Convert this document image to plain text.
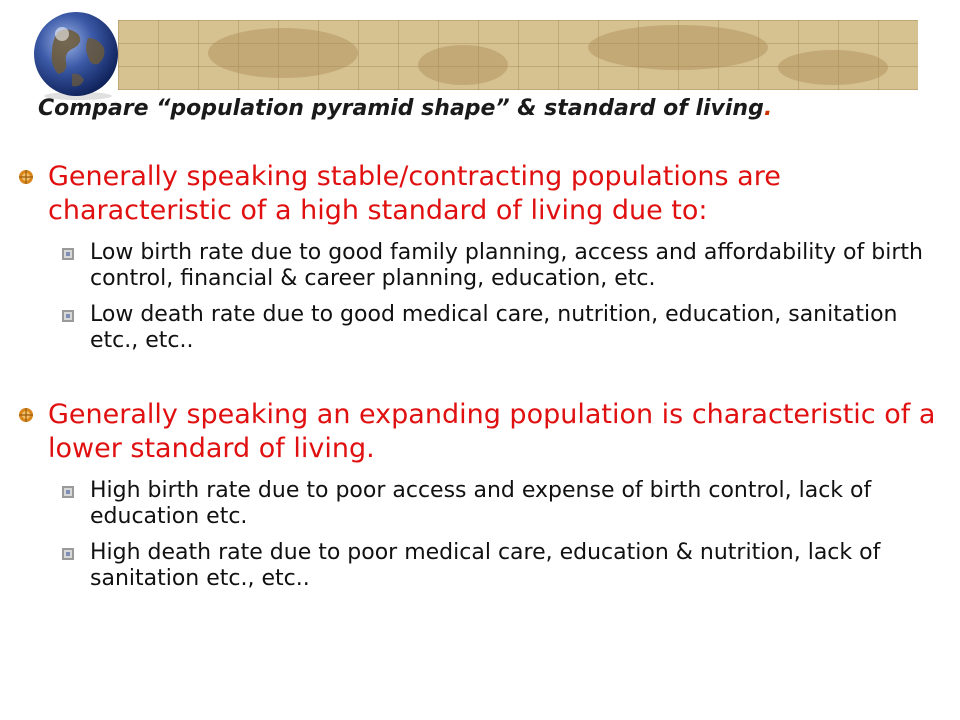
Compare “population pyramid shape” & standard of living.
Generally speaking stable/contracting populations are characteristic of a high standard of living due to:
Low birth rate due to good family planning, access and affordability of birth control, financial & career planning, education, etc.
Low death rate due to good medical care, nutrition, education, sanitation etc., etc..
Generally speaking an expanding population is characteristic of a lower standard of living.
High birth rate due to poor access and expense of birth control, lack of education etc.
High death rate due to poor medical care, education & nutrition, lack of sanitation etc., etc..
